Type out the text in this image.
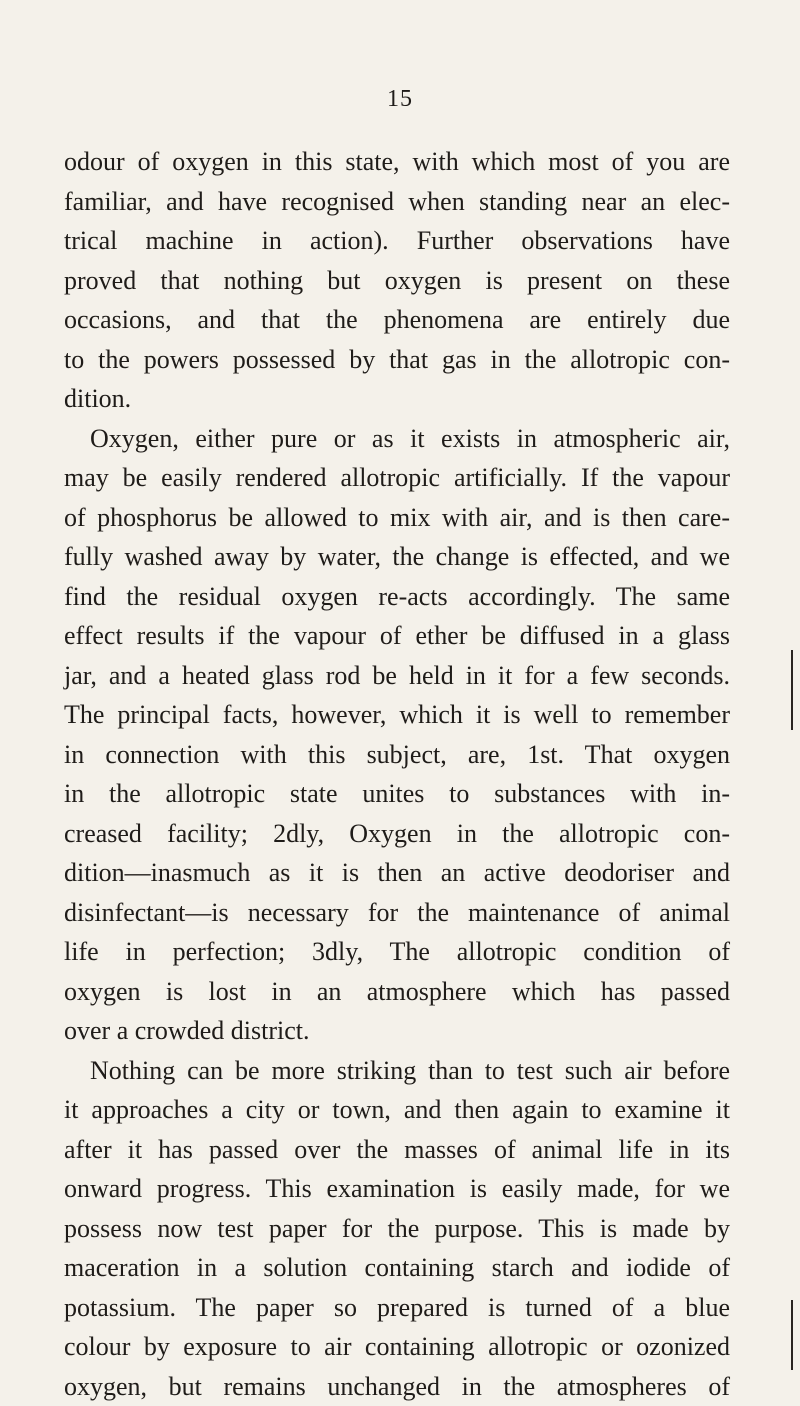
15
odour of oxygen in this state, with which most of you are
familiar, and have recognised when standing near an elec-
trical machine in action). Further observations have
proved that nothing but oxygen is present on these
occasions, and that the phenomena are entirely due
to the powers possessed by that gas in the allotropic con-
dition.
Oxygen, either pure or as it exists in atmospheric air,
may be easily rendered allotropic artificially. If the vapour
of phosphorus be allowed to mix with air, and is then care-
fully washed away by water, the change is effected, and we
find the residual oxygen re-acts accordingly. The same
effect results if the vapour of ether be diffused in a glass
jar, and a heated glass rod be held in it for a few seconds.
The principal facts, however, which it is well to remember
in connection with this subject, are, 1st. That oxygen
in the allotropic state unites to substances with in-
creased facility; 2dly, Oxygen in the allotropic con-
dition—inasmuch as it is then an active deodoriser and
disinfectant—is necessary for the maintenance of animal
life in perfection; 3dly, The allotropic condition of
oxygen is lost in an atmosphere which has passed
over a crowded district.
Nothing can be more striking than to test such air before
it approaches a city or town, and then again to examine it
after it has passed over the masses of animal life in its
onward progress. This examination is easily made, for we
possess now test paper for the purpose. This is made by
maceration in a solution containing starch and iodide of
potassium. The paper so prepared is turned of a blue
colour by exposure to air containing allotropic or ozonized
oxygen, but remains unchanged in the atmospheres of
